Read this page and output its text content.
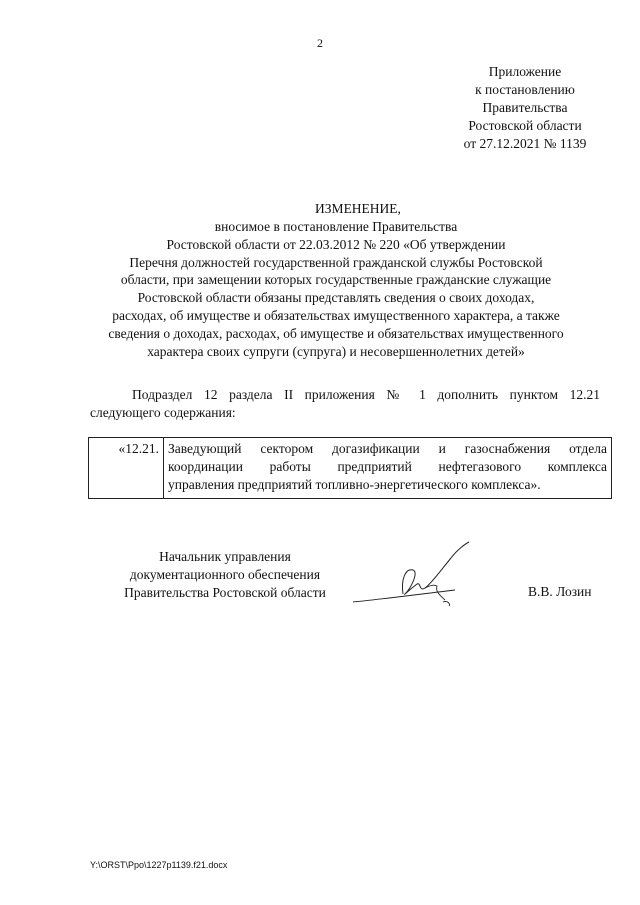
2
Приложение
к постановлению
Правительства
Ростовской области
от 27.12.2021 № 1139
ИЗМЕНЕНИЕ,
вносимое в постановление Правительства
Ростовской области от 22.03.2012 № 220 «Об утверждении
Перечня должностей государственной гражданской службы Ростовской
области, при замещении которых государственные гражданские служащие
Ростовской области обязаны представлять сведения о своих доходах,
расходах, об имуществе и обязательствах имущественного характера, а также
сведения о доходах, расходах, об имуществе и обязательствах имущественного
характера своих супруги (супруга) и несовершеннолетних детей»
Подраздел 12 раздела II приложения № 1 дополнить пунктом 12.21
следующего содержания:
«12.21.	Заведующий сектором догазификации и газоснабжения отдела
координации работы предприятий нефтегазового комплекса
управления предприятий топливно-энергетического комплекса».
Начальник управления
документационного обеспечения
Правительства Ростовской области	В.В. Лозин
Y:\ORST\Ppo\1227p1139.f21.docx
